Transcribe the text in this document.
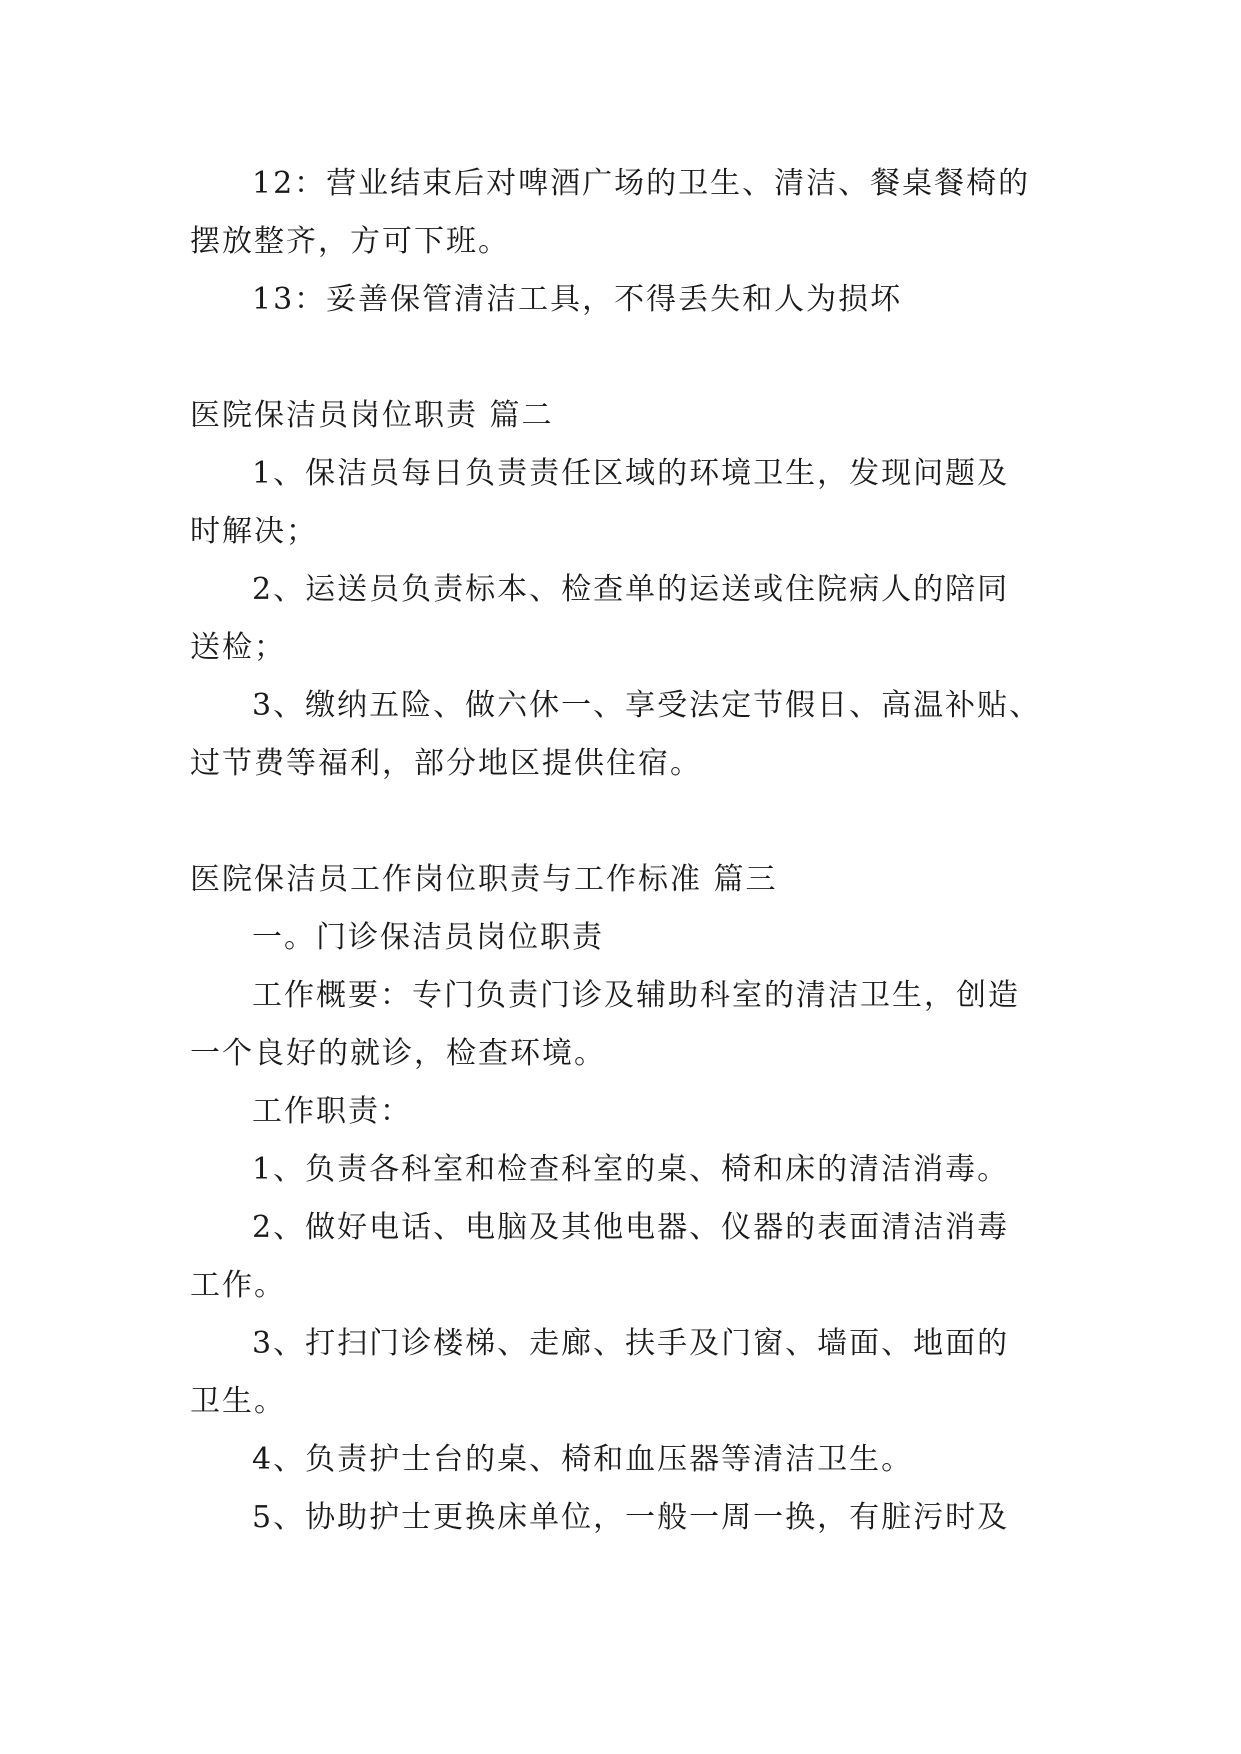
12：营业结束后对啤酒广场的卫生、清洁、餐桌餐椅的
摆放整齐，方可下班。
13：妥善保管清洁工具，不得丢失和人为损坏
医院保洁员岗位职责 篇二
1、保洁员每日负责责任区域的环境卫生，发现问题及
时解决；
2、运送员负责标本、检查单的运送或住院病人的陪同
送检；
3、缴纳五险、做六休一、享受法定节假日、高温补贴、
过节费等福利，部分地区提供住宿。
医院保洁员工作岗位职责与工作标准 篇三
一。门诊保洁员岗位职责
工作概要：专门负责门诊及辅助科室的清洁卫生，创造
一个良好的就诊，检查环境。
工作职责：
1、负责各科室和检查科室的桌、椅和床的清洁消毒。
2、做好电话、电脑及其他电器、仪器的表面清洁消毒
工作。
3、打扫门诊楼梯、走廊、扶手及门窗、墙面、地面的
卫生。
4、负责护士台的桌、椅和血压器等清洁卫生。
5、协助护士更换床单位，一般一周一换，有脏污时及
